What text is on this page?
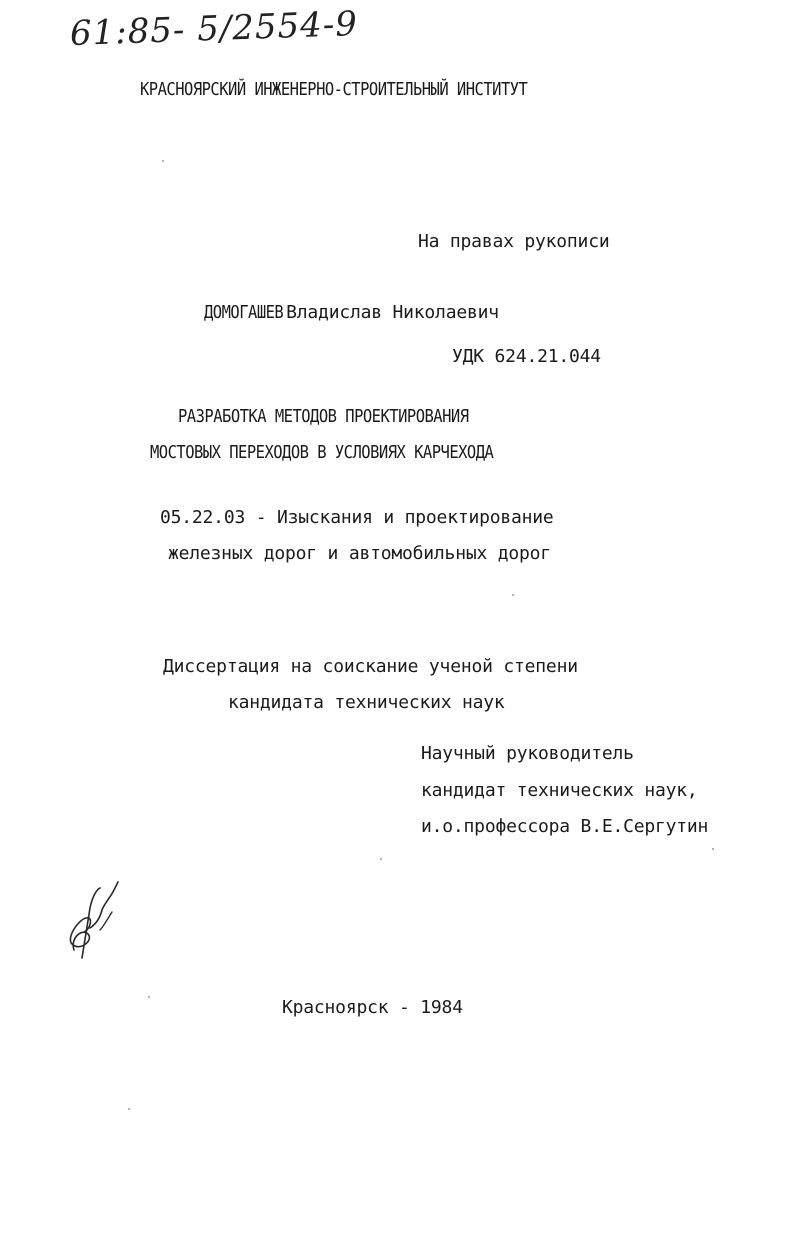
61:85- 5/2554-9
КРАСНОЯРСКИЙ ИНЖЕНЕРНО-СТРОИТЕЛЬНЫЙ ИНСТИТУТ
На правах рукописи
ДОМОГАШЕВ Владислав Николаевич
УДК 624.21.044
РАЗРАБОТКА МЕТОДОВ ПРОЕКТИРОВАНИЯ
МОСТОВЫХ ПЕРЕХОДОВ В УСЛОВИЯХ КАРЧЕХОДА
05.22.03 - Изыскания и проектирование
железных дорог и автомобильных дорог
Диссертация на соискание ученой степени
кандидата технических наук
Научный руководитель
кандидат технических наук,
и.о.профессора В.Е.Сергутин
Красноярск - 1984
